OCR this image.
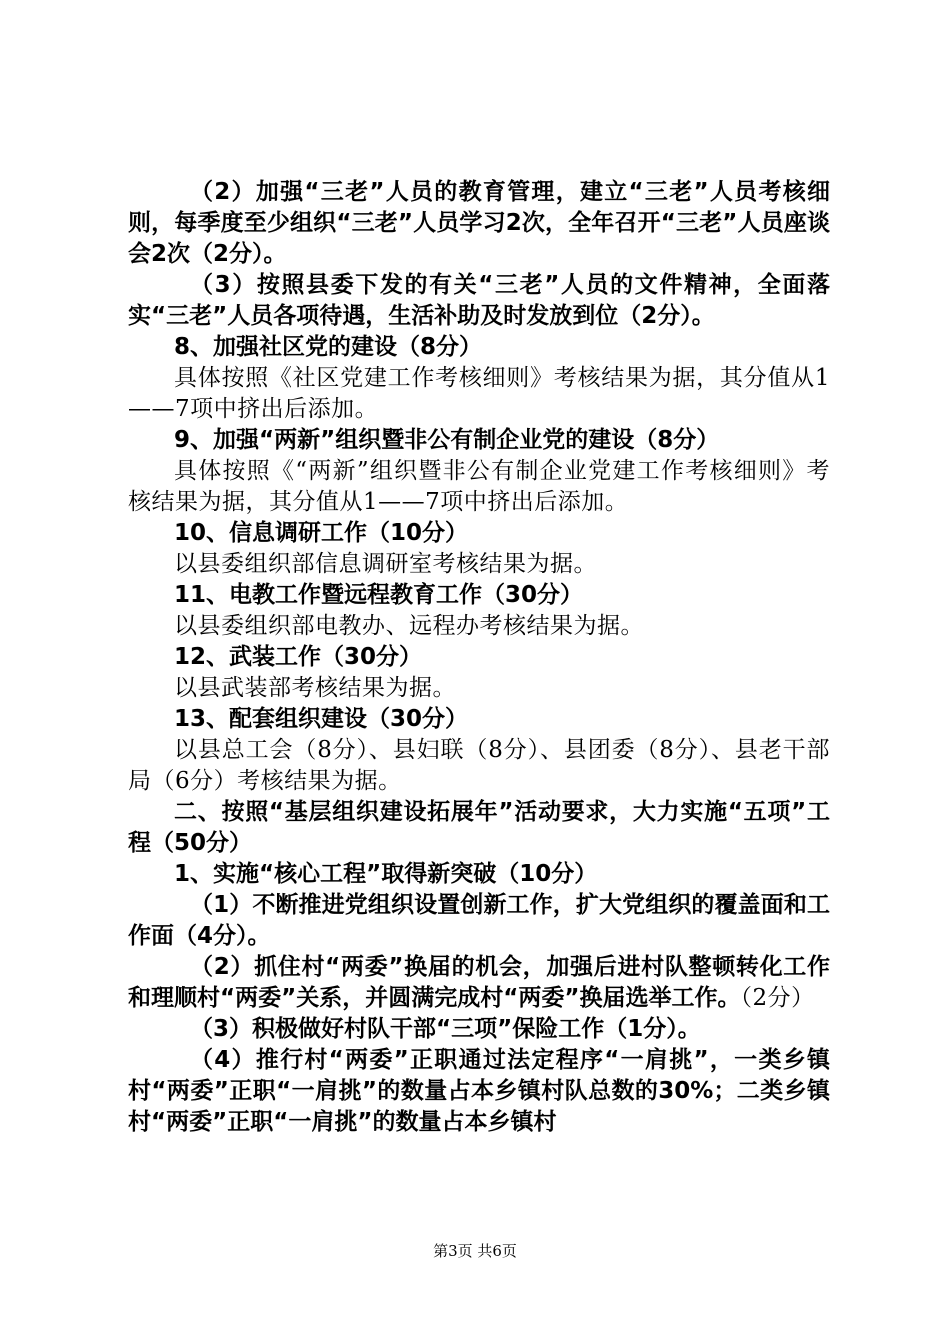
（2）加强“三老”人员的教育管理，建立“三老”人员考核细则，每季度至少组织“三老”人员学习2次，全年召开“三老”人员座谈会2次（2分）。

（3）按照县委下发的有关“三老”人员的文件精神，全面落实“三老”人员各项待遇，生活补助及时发放到位（2分）。

8、加强社区党的建设（8分）

具体按照《社区党建工作考核细则》考核结果为据，其分值从1——7项中挤出后添加。

9、加强“两新”组织暨非公有制企业党的建设（8分）

具体按照《“两新”组织暨非公有制企业党建工作考核细则》考核结果为据，其分值从1——7项中挤出后添加。

10、信息调研工作（10分）

以县委组织部信息调研室考核结果为据。

11、电教工作暨远程教育工作（30分）

以县委组织部电教办、远程办考核结果为据。

12、武装工作（30分）

以县武装部考核结果为据。

13、配套组织建设（30分）

以县总工会（8分）、县妇联（8分）、县团委（8分）、县老干部局（6分）考核结果为据。

二、按照“基层组织建设拓展年”活动要求，大力实施“五项”工程（50分）

1、实施“核心工程”取得新突破（10分）

（1）不断推进党组织设置创新工作，扩大党组织的覆盖面和工作面（4分）。

（2）抓住村“两委”换届的机会，加强后进村队整顿转化工作和理顺村“两委”关系，并圆满完成村“两委”换届选举工作。（2分）

（3）积极做好村队干部“三项”保险工作（1分）。

（4）推行村“两委”正职通过法定程序“一肩挑”，一类乡镇村“两委”正职“一肩挑”的数量占本乡镇村队总数的30%；二类乡镇村“两委”正职“一肩挑”的数量占本乡镇村

第3页 共6页
